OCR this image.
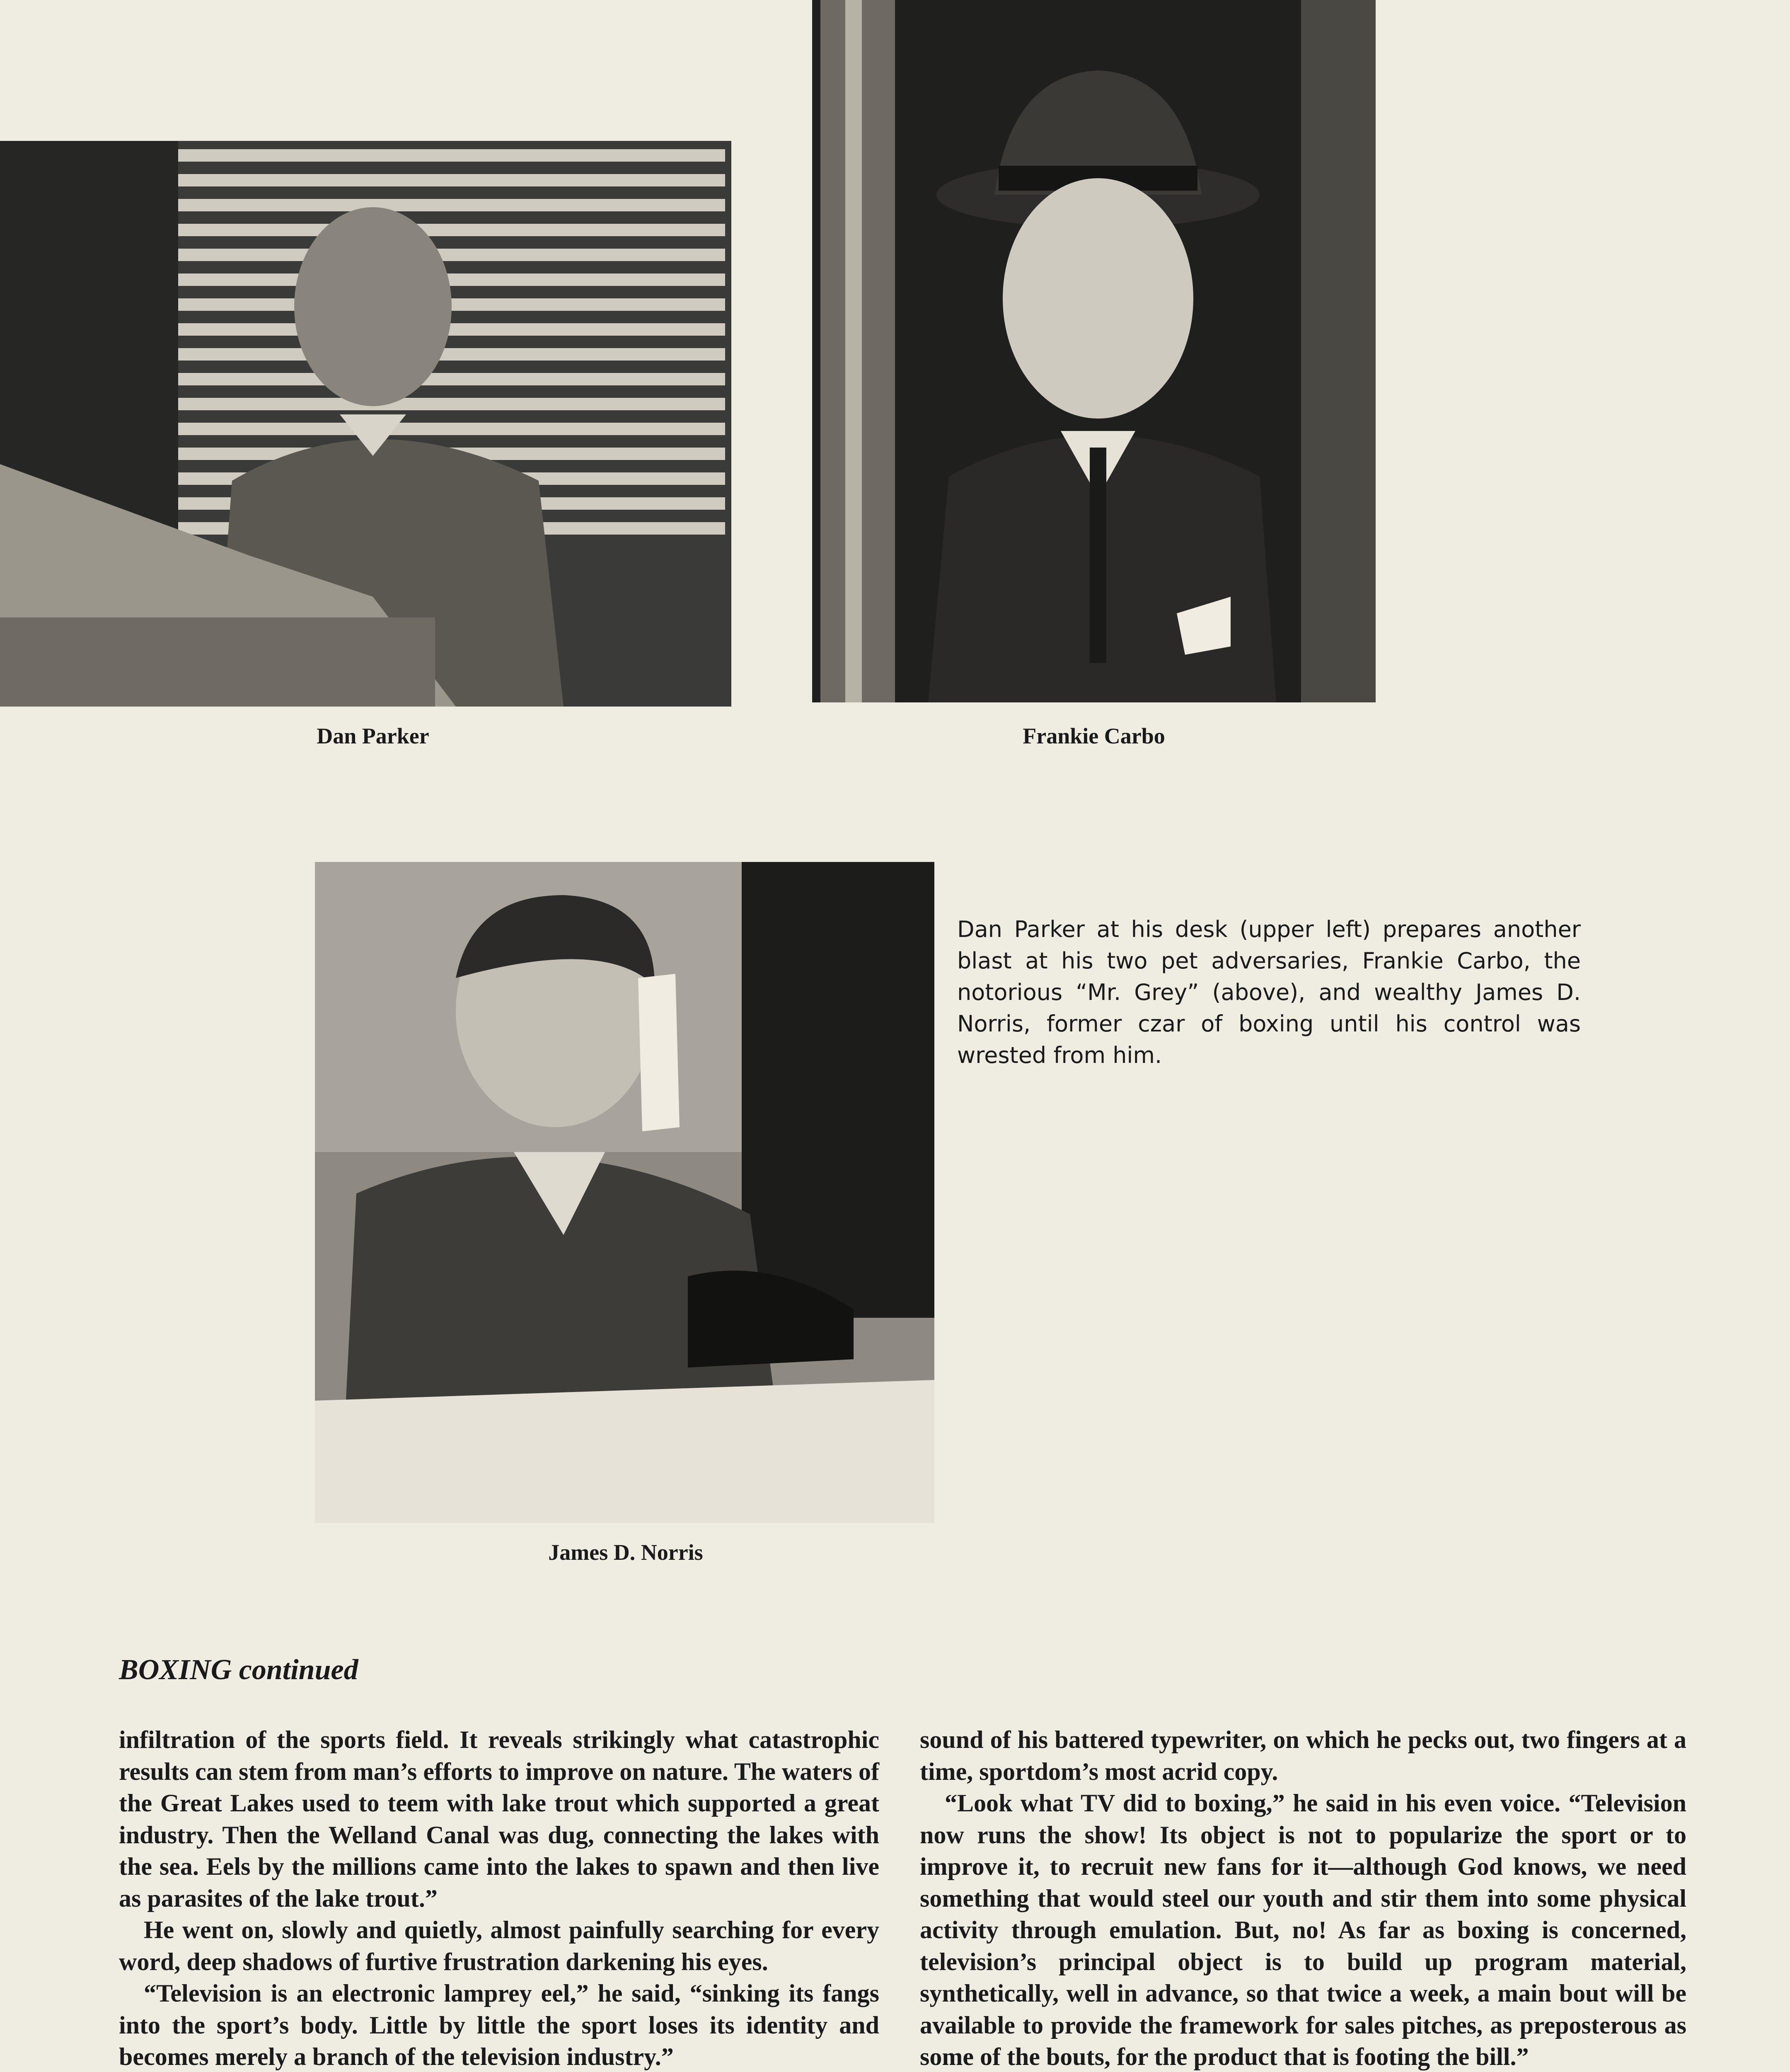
Dan Parker	Frankie Carbo
James D. Norris
Dan Parker at his desk (upper left) prepares another blast at his two pet adversaries, Frankie Carbo, the notorious “Mr. Grey” (above), and wealthy James D. Norris, former czar of boxing until his control was wrested from him.
BOXING continued

infiltration of the sports field. It reveals strikingly what catastrophic results can stem from man’s efforts to improve on nature. The waters of the Great Lakes used to teem with lake trout which supported a great industry. Then the Welland Canal was dug, connecting the lakes with the sea. Eels by the millions came into the lakes to spawn and then live as parasites of the lake trout.”

He went on, slowly and quietly, almost painfully searching for every word, deep shadows of furtive frustration darkening his eyes.

“Television is an electronic lamprey eel,” he said, “sinking its fangs into the sport’s body. Little by little the sport loses its identity and becomes merely a branch of the television industry.”

sound of his battered typewriter, on which he pecks out, two fingers at a time, sportdom’s most acrid copy.

“Look what TV did to boxing,” he said in his even voice. “Television now runs the show! Its object is not to popularize the sport or to improve it, to recruit new fans for it—although God knows, we need something that would steel our youth and stir them into some physical activity through emulation. But, no! As far as boxing is concerned, television’s principal object is to build up program material, synthetically, well in advance, so that twice a week, a main bout will be available to provide the framework for sales pitches, as preposterous as some of the bouts, for the product that is footing the bill.”
